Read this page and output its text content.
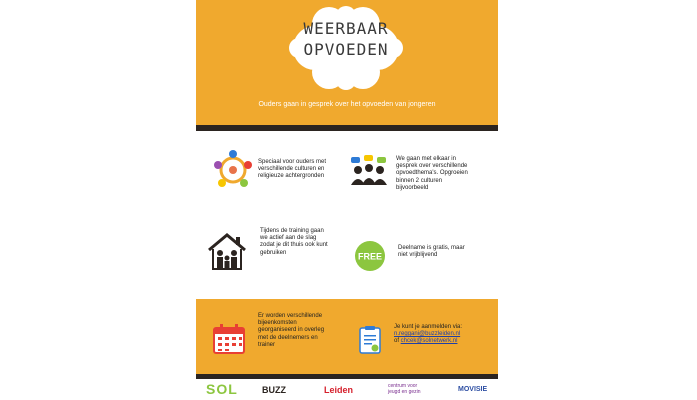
WEERBAAR
OPVOEDEN
Ouders gaan in gesprek over het opvoeden van jongeren
Speciaal voor ouders met
verschillende culturen en
religieuze achtergronden
We gaan met elkaar in
gesprek over verschillende
opvoedthema's. Opgroeien
binnen 2 culturen
bijvoorbeeld
Tijdens de training gaan
we actief aan de slag
zodat je dit thuis ook kunt
gebruiken	FREE
Deelname is gratis, maar
niet vrijblijvend
Er worden verschillende
bijeenkomsten
georganiseerd in overleg
met de deelnemers en
trainer
Je kunt je aanmelden via:
n.reggani@buzzleiden.nl
of chcek@solnetwerk.nl
SOL	BUZZ	Leiden	centrum voor
jeugd en gezin	MOVISIE
